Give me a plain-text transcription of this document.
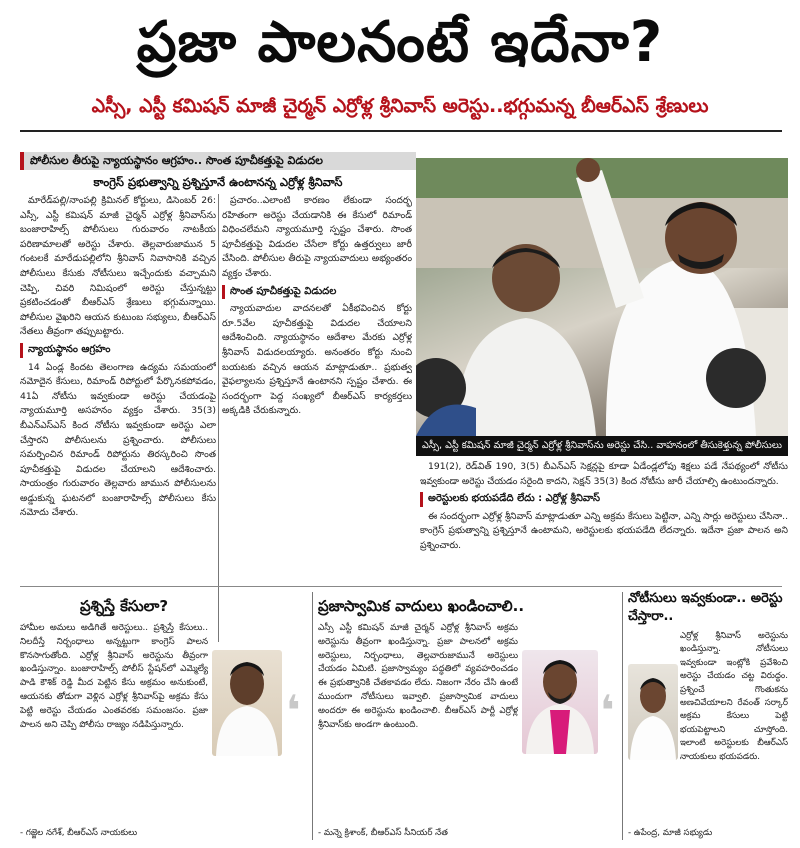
ప్రజా పాలనంటే ఇదేనా?
ఎస్సీ, ఎస్టీ కమిషన్ మాజీ చైర్మన్ ఎర్రోళ్ల శ్రీనివాస్ అరెస్టు..భగ్గుమన్న బీఆర్ఎస్ శ్రేణులు
పోలీసుల తీరుపై న్యాయస్థానం ఆగ్రహం.. సొంత పూచీకత్తుపై విడుదల
కాంగ్రెస్ ప్రభుత్వాన్ని ప్రశ్నిస్తూనే ఉంటానన్న ఎర్రోళ్ల శ్రీనివాస్

మారేడ్‌పల్లి/నాంపల్లి క్రిమినల్ కోర్టులు, డిసెంబర్ 26: ఎస్సీ, ఎస్టీ కమిషన్ మాజీ చైర్మన్ ఎర్రోళ్ల శ్రీనివాస్‌ను బంజారాహిల్స్ పోలీసులు గురువారం నాటకీయ పరిణామాలతో అరెస్టు చేశారు. తెల్లవారుజామున 5 గంటలకే మారేడుపల్లిలోని శ్రీనివాస్ నివాసానికి వచ్చిన పోలీసులు కేసుకు నోటీసులు ఇచ్చేందుకు వచ్చామని చెప్పి, చివరి నిమిషంలో అరెస్టు చేస్తున్నట్టు ప్రకటించడంతో బీఆర్ఎస్ శ్రేణులు భగ్గుమన్నాయి. పోలీసుల వైఖరిని ఆయన కుటుంబ సభ్యులు, బీఆర్ఎస్ నేతలు తీవ్రంగా తప్పుబట్టారు.

న్యాయస్థానం ఆగ్రహం

14 ఏండ్ల కిందట తెలంగాణ ఉద్యమ సమయంలో నమోదైన కేసులు, రిమాండ్ రిపోర్టులో పేర్కొనకపోవడం, 41ఏ నోటీసు ఇవ్వకుండా అరెస్టు చేయడంపై న్యాయమూర్తి అసహనం వ్యక్తం చేశారు. 35(3) బీఎన్ఎస్ఎస్ కింద నోటీసు ఇవ్వకుండా అరెస్టు ఎలా చేస్తారని పోలీసులను ప్రశ్నించారు. పోలీసులు సమర్పించిన రిమాండ్ రిపోర్టును తిరస్కరించి సొంత పూచీకత్తుపై విడుదల చేయాలని ఆదేశించారు. సాయంత్రం గురువారం తెల్లవారు జామున పోలీసులను అడ్డుకున్న ఘటనలో బంజారాహిల్స్ పోలీసులు కేసు నమోదు చేశారు.

ప్రచారం..ఎలాంటి కారణం లేకుండా సందర్భ రహితంగా అరెస్టు చేయడానికి ఈ కేసులో రిమాండ్ విధించలేమని న్యాయమూర్తి స్పష్టం చేశారు. సొంత పూచీకత్తుపై విడుదల చేసేలా కోర్టు ఉత్తర్వులు జారీ చేసింది. పోలీసుల తీరుపై న్యాయవాదులు అభ్యంతరం వ్యక్తం చేశారు.

సొంత పూచీకత్తుపై విడుదల

న్యాయవాదుల వాదనలతో ఏకీభవించిన కోర్టు రూ.5వేల పూచీకత్తుపై విడుదల చేయాలని ఆదేశించింది. న్యాయస్థానం ఆదేశాల మేరకు ఎర్రోళ్ల శ్రీనివాస్ విడుదలయ్యారు. అనంతరం కోర్టు నుంచి బయటకు వచ్చిన ఆయన మాట్లాడుతూ.. ప్రభుత్వ వైఫల్యాలను ప్రశ్నిస్తూనే ఉంటానని స్పష్టం చేశారు. ఈ సందర్భంగా పెద్ద సంఖ్యలో బీఆర్ఎస్ కార్యకర్తలు అక్కడికి చేరుకున్నారు.

ఎస్సీ, ఎస్టీ కమిషన్ మాజీ చైర్మన్ ఎర్రోళ్ల శ్రీనివాస్‌ను అరెస్టు చేసి.. వాహనంలో తీసుకెళ్తున్న పోలీసులు

191(2), రెడ్‌విత్ 190, 3(5) బీఎన్ఎస్ సెక్షన్లపై కూడా ఏడేండ్లలోపు శిక్షలు పడే నేపథ్యంలో నోటీసు ఇవ్వకుండా అరెస్టు చేయడం సరైంది కాదని, సెక్షన్ 35(3) కింద నోటీసు జారీ చేయాల్సి ఉంటుందన్నారు.

అరెస్టులకు భయపడేది లేదు : ఎర్రోళ్ల శ్రీనివాస్

ఈ సందర్భంగా ఎర్రోళ్ల శ్రీనివాస్ మాట్లాడుతూ ఎన్ని అక్రమ కేసులు పెట్టినా, ఎన్ని సార్లు అరెస్టులు చేసినా.. కాంగ్రెస్ ప్రభుత్వాన్ని ప్రశ్నిస్తూనే ఉంటామని, అరెస్టులకు భయపడేది లేదన్నారు. ఇదేనా ప్రజా పాలన అని ప్రశ్నించారు.

ప్రశ్నిస్తే కేసులా?
హామీల అమలు అడిగితే అరెస్టులు.. ప్రశ్నిస్తే కేసులు.. నిలదీస్తే నిర్బంధాలు అన్నట్టుగా కాంగ్రెస్ పాలన కొనసాగుతోంది. ఎర్రోళ్ల శ్రీనివాస్ అరెస్టును తీవ్రంగా ఖండిస్తున్నాం. బంజారాహిల్స్ పోలీస్ స్టేషన్‌లో ఎమ్మెల్యే పాడి కౌశిక్ రెడ్డి మీద పెట్టిన కేసు అక్రమం అనుకుంటే, ఆయనకు తోడుగా వెళ్లిన ఎర్రోళ్ల శ్రీనివాస్‌పై అక్రమ కేసు పెట్టి అరెస్టు చేయడం ఎంతవరకు సమంజసం. ప్రజా పాలన అని చెప్పి పోలీసు రాజ్యం నడిపిస్తున్నారు.	❛
- గజ్జెల నగేశ్, బీఆర్ఎస్ నాయకులు
ప్రజాస్వామిక వాదులు ఖండించాలి..
ఎస్సీ ఎస్టీ కమిషన్ మాజీ చైర్మన్ ఎర్రోళ్ల శ్రీనివాస్ అక్రమ అరెస్టును తీవ్రంగా ఖండిస్తున్నా. ప్రజా పాలనలో అక్రమ అరెస్టులు, నిర్బంధాలు, తెల్లవారుజామునే అరెస్టులు చేయడం ఏమిటి. ప్రజాస్వామ్యం పద్ధతిలో వ్యవహరించడం ఈ ప్రభుత్వానికి చేతకావడం లేదు. నిజంగా నేరం చేసి ఉంటే ముందుగా నోటీసులు ఇవ్వాలి. ప్రజాస్వామిక వాదులు అందరూ ఈ అరెస్టును ఖండించాలి. బీఆర్ఎస్ పార్టీ ఎర్రోళ్ల శ్రీనివాస్‌కు అండగా ఉంటుంది.	❛
- మన్నె క్రిశాంక్, బీఆర్ఎస్ సీనియర్ నేత
నోటీసులు ఇవ్వకుండా.. అరెస్టు చేస్తారా..
ఎర్రోళ్ల శ్రీనివాస్ అరెస్టును ఖండిస్తున్నా. నోటీసులు ఇవ్వకుండా ఇంట్లోకి ప్రవేశించి అరెస్టు చేయడం చట్ట విరుద్ధం. ప్రశ్నించే గొంతుకను అణచివేయాలని రేవంత్ సర్కార్ అక్రమ కేసులు పెట్టి భయపెట్టాలని చూస్తోంది. ఇలాంటి అరెస్టులకు బీఆర్ఎస్ నాయకులు భయపడరు.
- ఉపేంద్ర, మాజీ సభ్యుడు
